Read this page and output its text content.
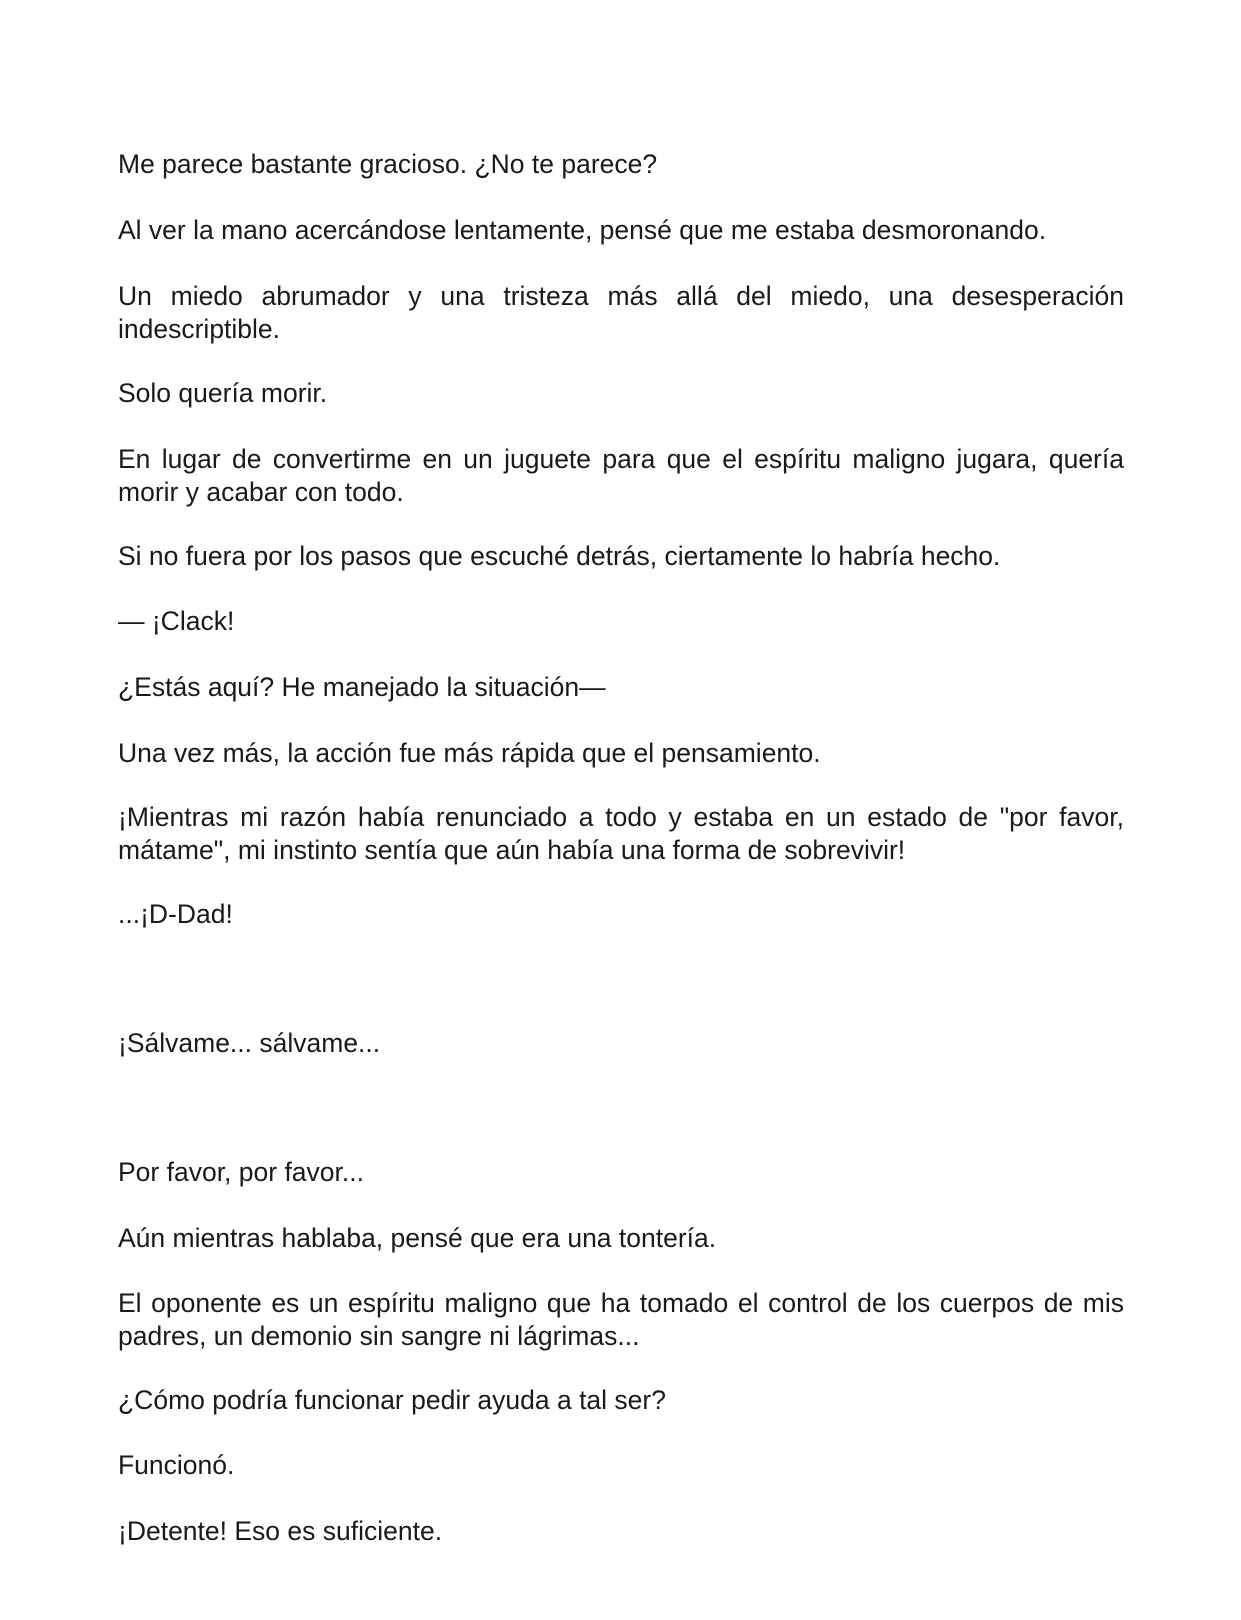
Me parece bastante gracioso. ¿No te parece?

Al ver la mano acercándose lentamente, pensé que me estaba desmoronando.

Un miedo abrumador y una tristeza más allá del miedo, una desesperación indescriptible.

Solo quería morir.

En lugar de convertirme en un juguete para que el espíritu maligno jugara, quería morir y acabar con todo.

Si no fuera por los pasos que escuché detrás, ciertamente lo habría hecho.

— ¡Clack!

¿Estás aquí? He manejado la situación—

Una vez más, la acción fue más rápida que el pensamiento.

¡Mientras mi razón había renunciado a todo y estaba en un estado de "por favor, mátame", mi instinto sentía que aún había una forma de sobrevivir!

...¡D-Dad!

¡Sálvame... sálvame...

Por favor, por favor...

Aún mientras hablaba, pensé que era una tontería.

El oponente es un espíritu maligno que ha tomado el control de los cuerpos de mis padres, un demonio sin sangre ni lágrimas...

¿Cómo podría funcionar pedir ayuda a tal ser?

Funcionó.

¡Detente! Eso es suficiente.
